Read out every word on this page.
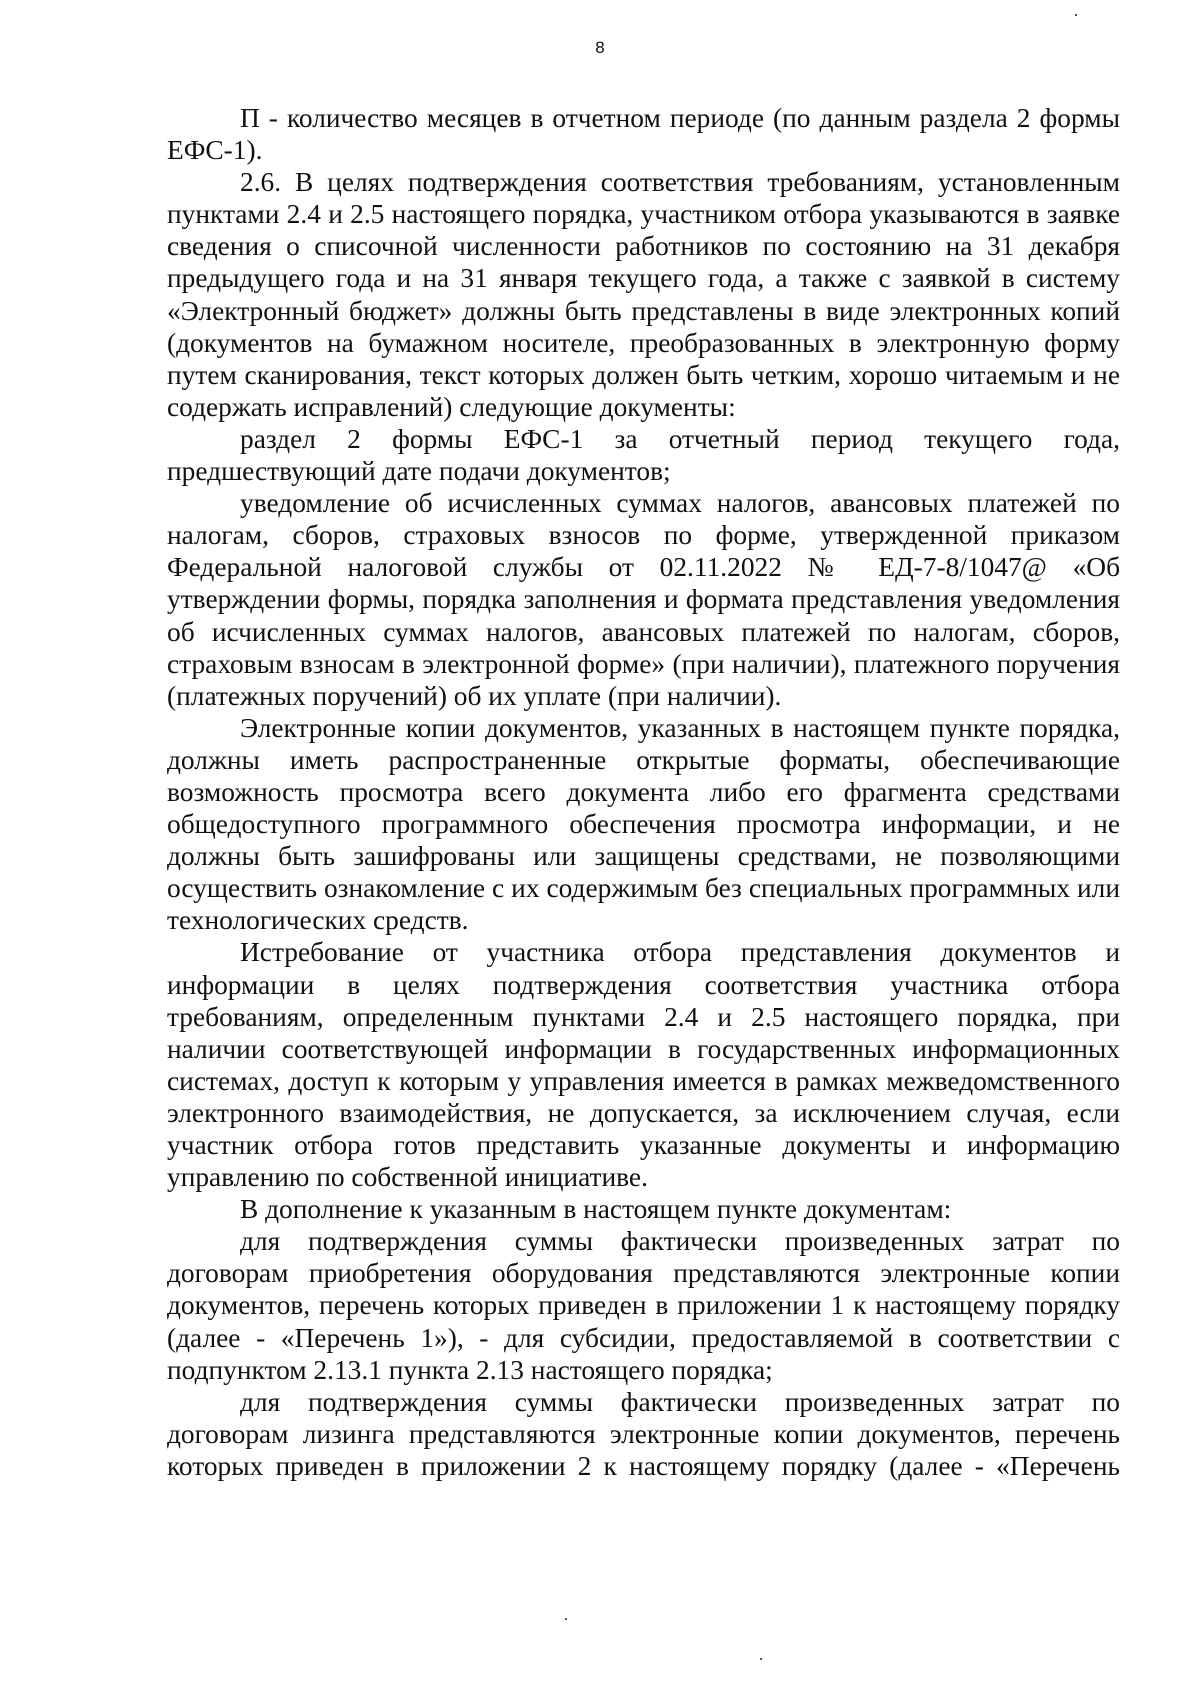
8

П - количество месяцев в отчетном периоде (по данным раздела 2 формы ЕФС-1).

2.6. В целях подтверждения соответствия требованиям, установленным пунктами 2.4 и 2.5 настоящего порядка, участником отбора указываются в заявке сведения о списочной численности работников по состоянию на 31 декабря предыдущего года и на 31 января текущего года, а также с заявкой в систему «Электронный бюджет» должны быть представлены в виде электронных копий (документов на бумажном носителе, преобразованных в электронную форму путем сканирования, текст которых должен быть четким, хорошо читаемым и не содержать исправлений) следующие документы:

раздел 2 формы ЕФС-1 за отчетный период текущего года, предшествующий дате подачи документов;

уведомление об исчисленных суммах налогов, авансовых платежей по налогам, сборов, страховых взносов по форме, утвержденной приказом Федеральной налоговой службы от 02.11.2022 № ЕД-7-8/1047@ «Об утверждении формы, порядка заполнения и формата представления уведомления об исчисленных суммах налогов, авансовых платежей по налогам, сборов, страховым взносам в электронной форме» (при наличии), платежного поручения (платежных поручений) об их уплате (при наличии).

Электронные копии документов, указанных в настоящем пункте порядка, должны иметь распространенные открытые форматы, обеспечивающие возможность просмотра всего документа либо его фрагмента средствами общедоступного программного обеспечения просмотра информации, и не должны быть зашифрованы или защищены средствами, не позволяющими осуществить ознакомление с их содержимым без специальных программных или технологических средств.

Истребование от участника отбора представления документов и информации в целях подтверждения соответствия участника отбора требованиям, определенным пунктами 2.4 и 2.5 настоящего порядка, при наличии соответствующей информации в государственных информационных системах, доступ к которым у управления имеется в рамках межведомственного электронного взаимодействия, не допускается, за исключением случая, если участник отбора готов представить указанные документы и информацию управлению по собственной инициативе.

В дополнение к указанным в настоящем пункте документам:

для подтверждения суммы фактически произведенных затрат по договорам приобретения оборудования представляются электронные копии документов, перечень которых приведен в приложении 1 к настоящему порядку (далее - «Перечень 1»), - для субсидии, предоставляемой в соответствии с подпунктом 2.13.1 пункта 2.13 настоящего порядка;

для подтверждения суммы фактически произведенных затрат по договорам лизинга представляются электронные копии документов, перечень которых приведен в приложении 2 к настоящему порядку (далее - «Перечень
